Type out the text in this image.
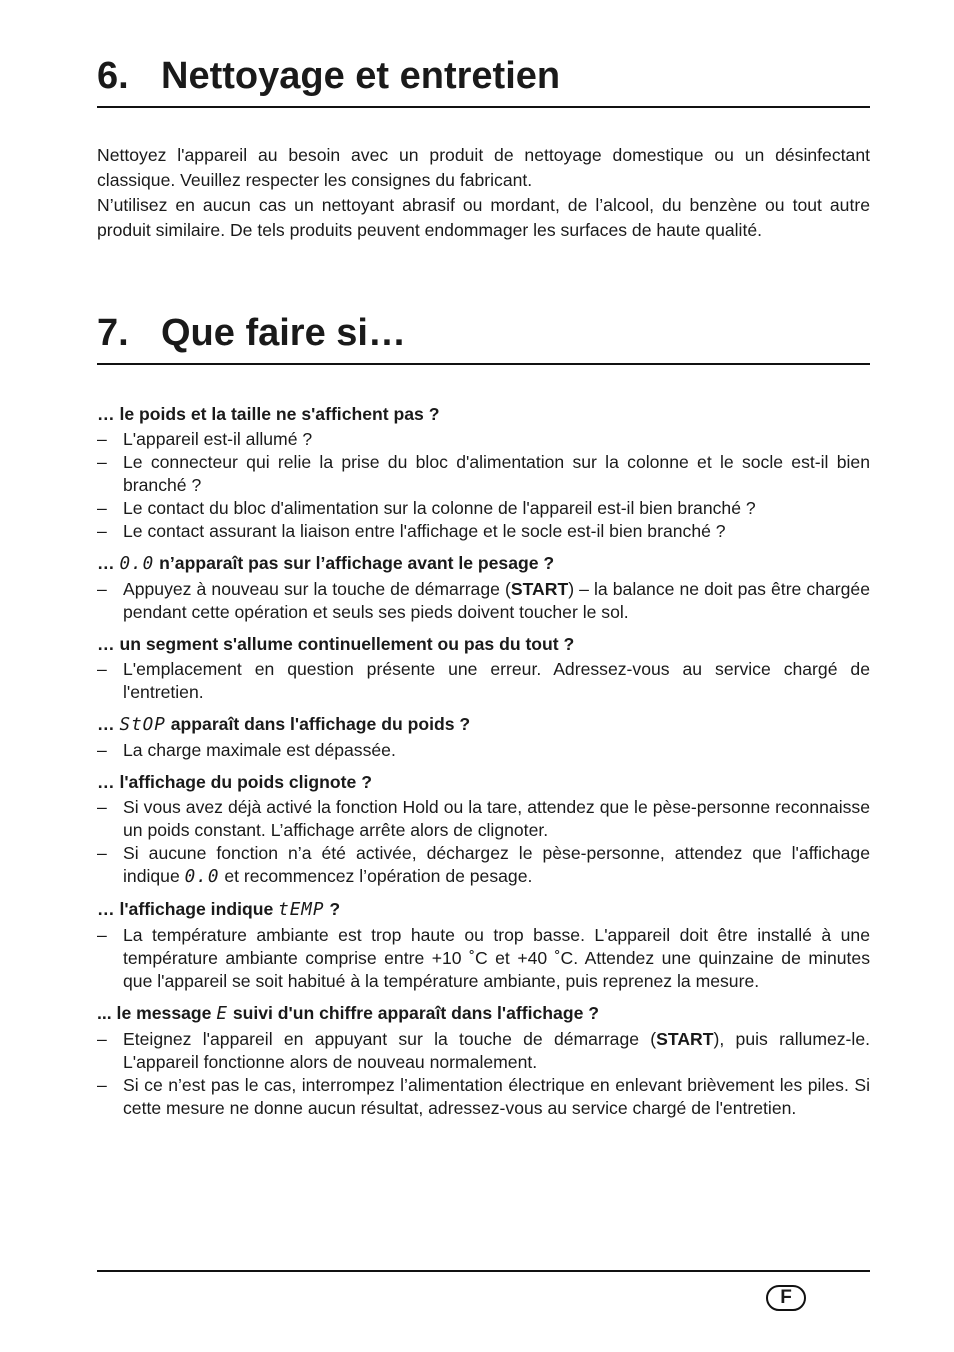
6. Nettoyage et entretien

Nettoyez l'appareil au besoin avec un produit de nettoyage domestique ou un désinfectant classique. Veuillez respecter les consignes du fabricant.

N’utilisez en aucun cas un nettoyant abrasif ou mordant, de l’alcool, du benzène ou tout autre produit similaire. De tels produits peuvent endommager les surfaces de haute qualité.

7. Que faire si…
… le poids et la taille ne s'affichent pas ?
– L'appareil est-il allumé ?
– Le connecteur qui relie la prise du bloc d'alimentation sur la colonne et le socle est-il bien branché ?
– Le contact du bloc d'alimentation sur la colonne de l'appareil est-il bien branché ?
– Le contact assurant la liaison entre l'affichage et le socle est-il bien branché ?
… 0.0 n’apparaît pas sur l’affichage avant le pesage ?
– Appuyez à nouveau sur la touche de démarrage (START) – la balance ne doit pas être chargée pendant cette opération et seuls ses pieds doivent toucher le sol.
… un segment s'allume continuellement ou pas du tout ?
– L'emplacement en question présente une erreur. Adressez-vous au service chargé de l'entretien.
… StOP apparaît dans l'affichage du poids ?
– La charge maximale est dépassée.
… l'affichage du poids clignote ?
– Si vous avez déjà activé la fonction Hold ou la tare, attendez que le pèse-personne reconnaisse un poids constant. L’affichage arrête alors de clignoter.
– Si aucune fonction n’a été activée, déchargez le pèse-personne, attendez que l'affichage indique 0.0 et recommencez l’opération de pesage.
… l'affichage indique tEMP ?
– La température ambiante est trop haute ou trop basse. L'appareil doit être installé à une température ambiante comprise entre +10 ˚C et +40 ˚C. Attendez une quinzaine de minutes que l'appareil se soit habitué à la température ambiante, puis reprenez la mesure.
... le message E suivi d'un chiffre apparaît dans l'affichage ?
– Eteignez l'appareil en appuyant sur la touche de démarrage (START), puis rallumez-le. L'appareil fonctionne alors de nouveau normalement.
– Si ce n’est pas le cas, interrompez l’alimentation électrique en enlevant brièvement les piles. Si cette mesure ne donne aucun résultat, adressez-vous au service chargé de l'entretien.
F
